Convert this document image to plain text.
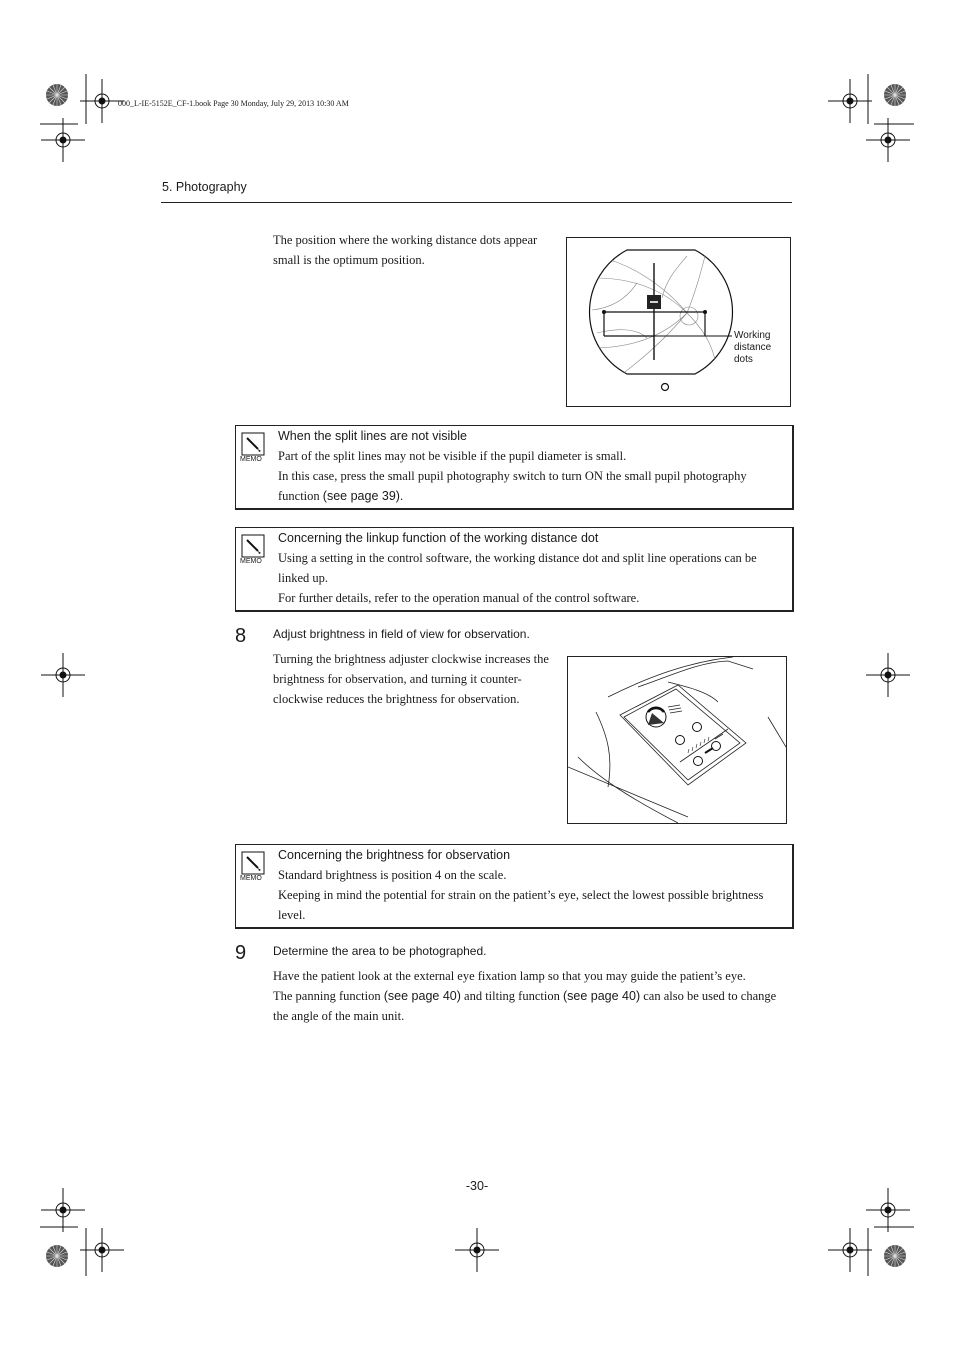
000_L-IE-5152E_CF-1.book Page 30 Monday, July 29, 2013 10:30 AM
5. Photography
The position where the working distance dots appear
small is the optimum position.
Working
distance
dots
MEMO
When the split lines are not visible
Part of the split lines may not be visible if the pupil diameter is small.
In this case, press the small pupil photography switch to turn ON the small pupil photography
function (see page 39).
MEMO
Concerning the linkup function of the working distance dot
Using a setting in the control software, the working distance dot and split line operations can be
linked up.
For further details, refer to the operation manual of the control software.
8 Adjust brightness in field of view for observation.
Turning the brightness adjuster clockwise increases the
brightness for observation, and turning it counter-
clockwise reduces the brightness for observation.
MEMO
Concerning the brightness for observation
Standard brightness is position 4 on the scale.
Keeping in mind the potential for strain on the patient’s eye, select the lowest possible brightness
level.
9 Determine the area to be photographed.
Have the patient look at the external eye fixation lamp so that you may guide the patient’s eye.
The panning function (see page 40) and tilting function (see page 40) can also be used to change
the angle of the main unit.
-30-
